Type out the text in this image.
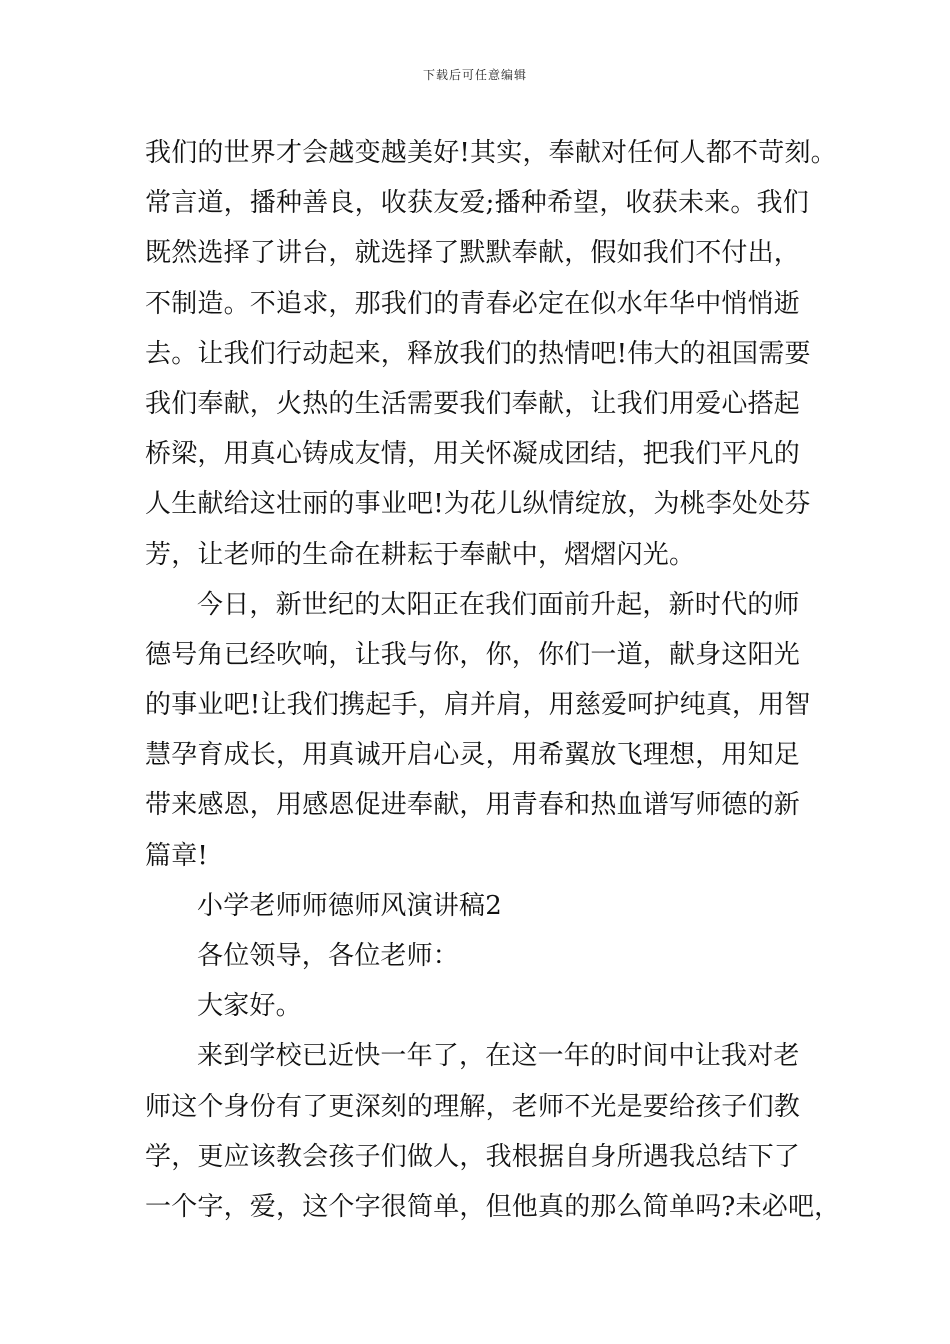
下载后可任意编辑
我们的世界才会越变越美好!其实，奉献对任何人都不苛刻。
常言道，播种善良，收获友爱;播种希望，收获未来。我们
既然选择了讲台，就选择了默默奉献，假如我们不付出，
不制造。不追求，那我们的青春必定在似水年华中悄悄逝
去。让我们行动起来，释放我们的热情吧!伟大的祖国需要
我们奉献，火热的生活需要我们奉献，让我们用爱心搭起
桥梁，用真心铸成友情，用关怀凝成团结，把我们平凡的
人生献给这壮丽的事业吧!为花儿纵情绽放，为桃李处处芬
芳，让老师的生命在耕耘于奉献中，熠熠闪光。
今日，新世纪的太阳正在我们面前升起，新时代的师
德号角已经吹响，让我与你，你，你们一道，献身这阳光
的事业吧!让我们携起手，肩并肩，用慈爱呵护纯真，用智
慧孕育成长，用真诚开启心灵，用希翼放飞理想，用知足
带来感恩，用感恩促进奉献，用青春和热血谱写师德的新
篇章!
小学老师师德师风演讲稿2
各位领导，各位老师：
大家好。
来到学校已近快一年了，在这一年的时间中让我对老
师这个身份有了更深刻的理解，老师不光是要给孩子们教
学，更应该教会孩子们做人，我根据自身所遇我总结下了
一个字，爱，这个字很简单，但他真的那么简单吗?未必吧，
